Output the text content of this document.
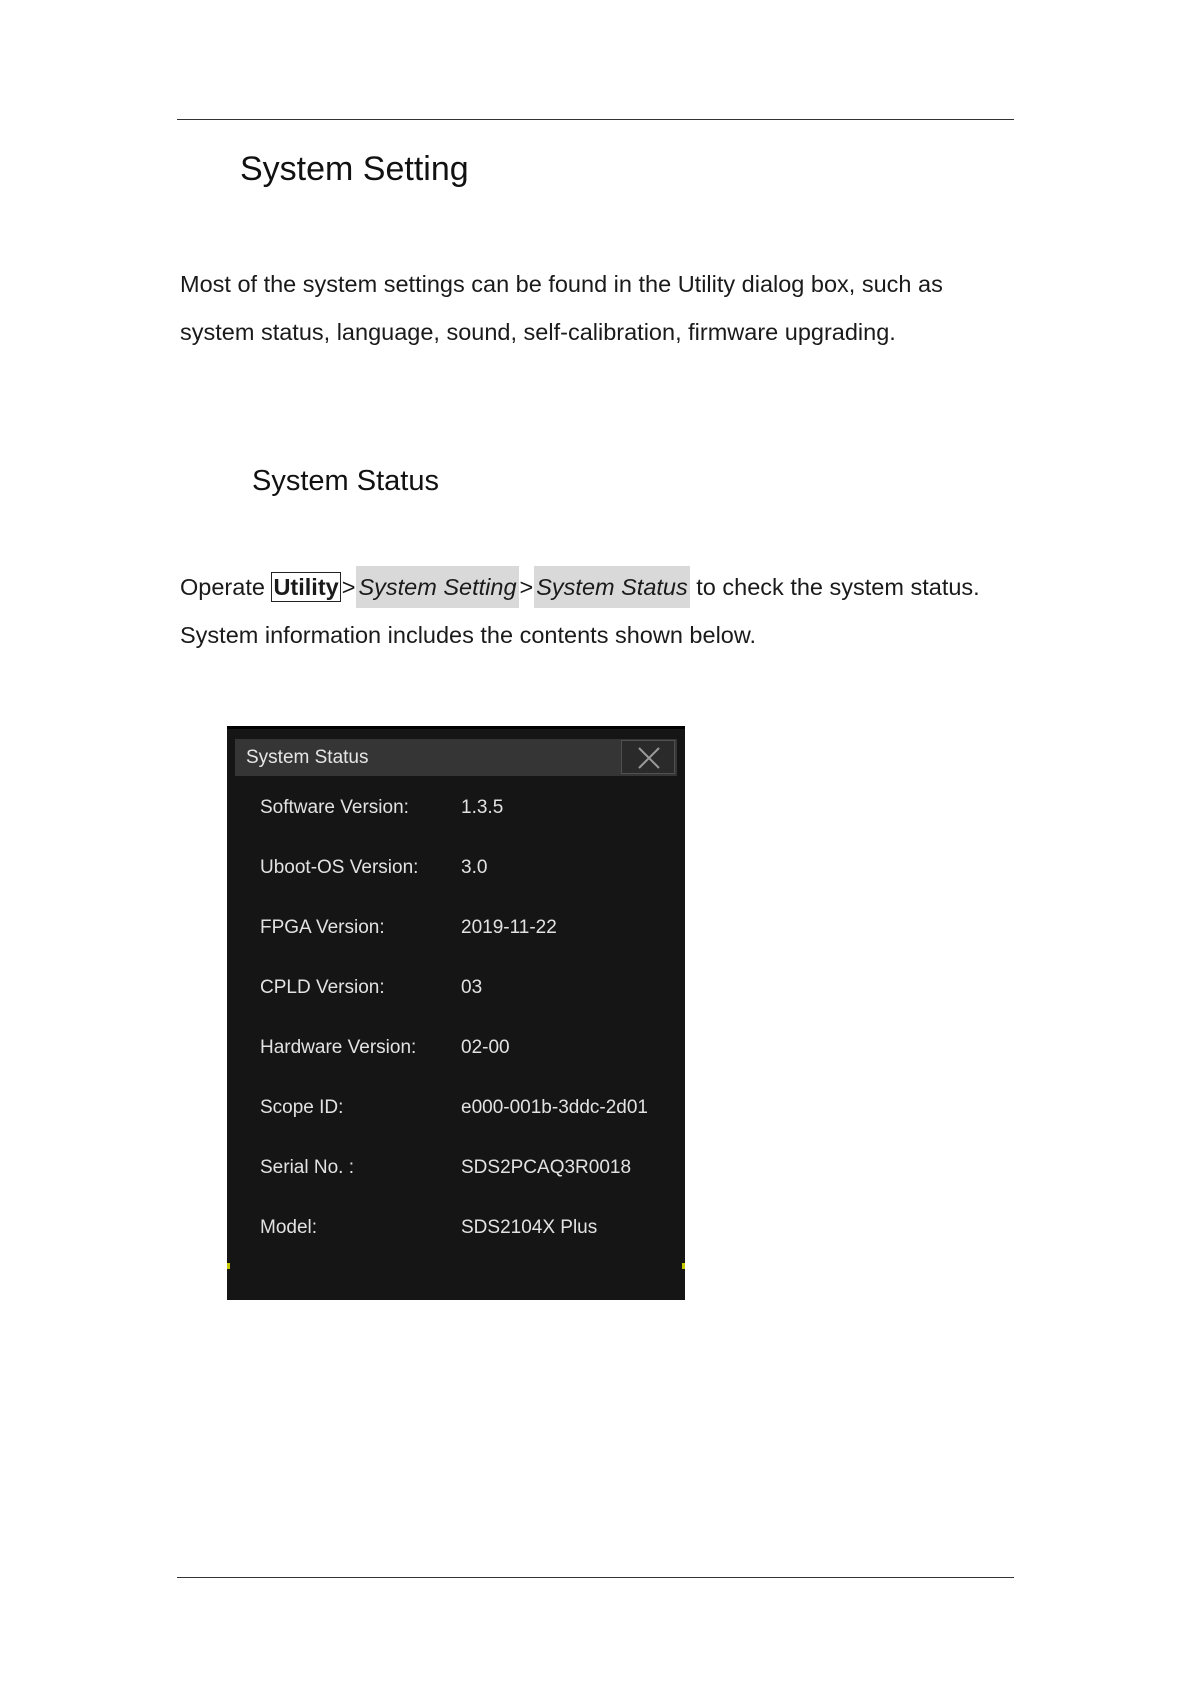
System Setting

Most of the system settings can be found in the Utility dialog box, such as system status, language, sound, self-calibration, firmware upgrading.

System Status

Operate Utility > System Setting > System Status to check the system status. System information includes the contents shown below.

System Status
Software Version:	1.3.5
Uboot-OS Version: 3.0
FPGA Version:	2019-11-22
CPLD Version:	03
Hardware Version: 02-00
Scope ID:	e000-001b-3ddc-2d01
Serial No. :	SDS2PCAQ3R0018
Model:	SDS2104X Plus
